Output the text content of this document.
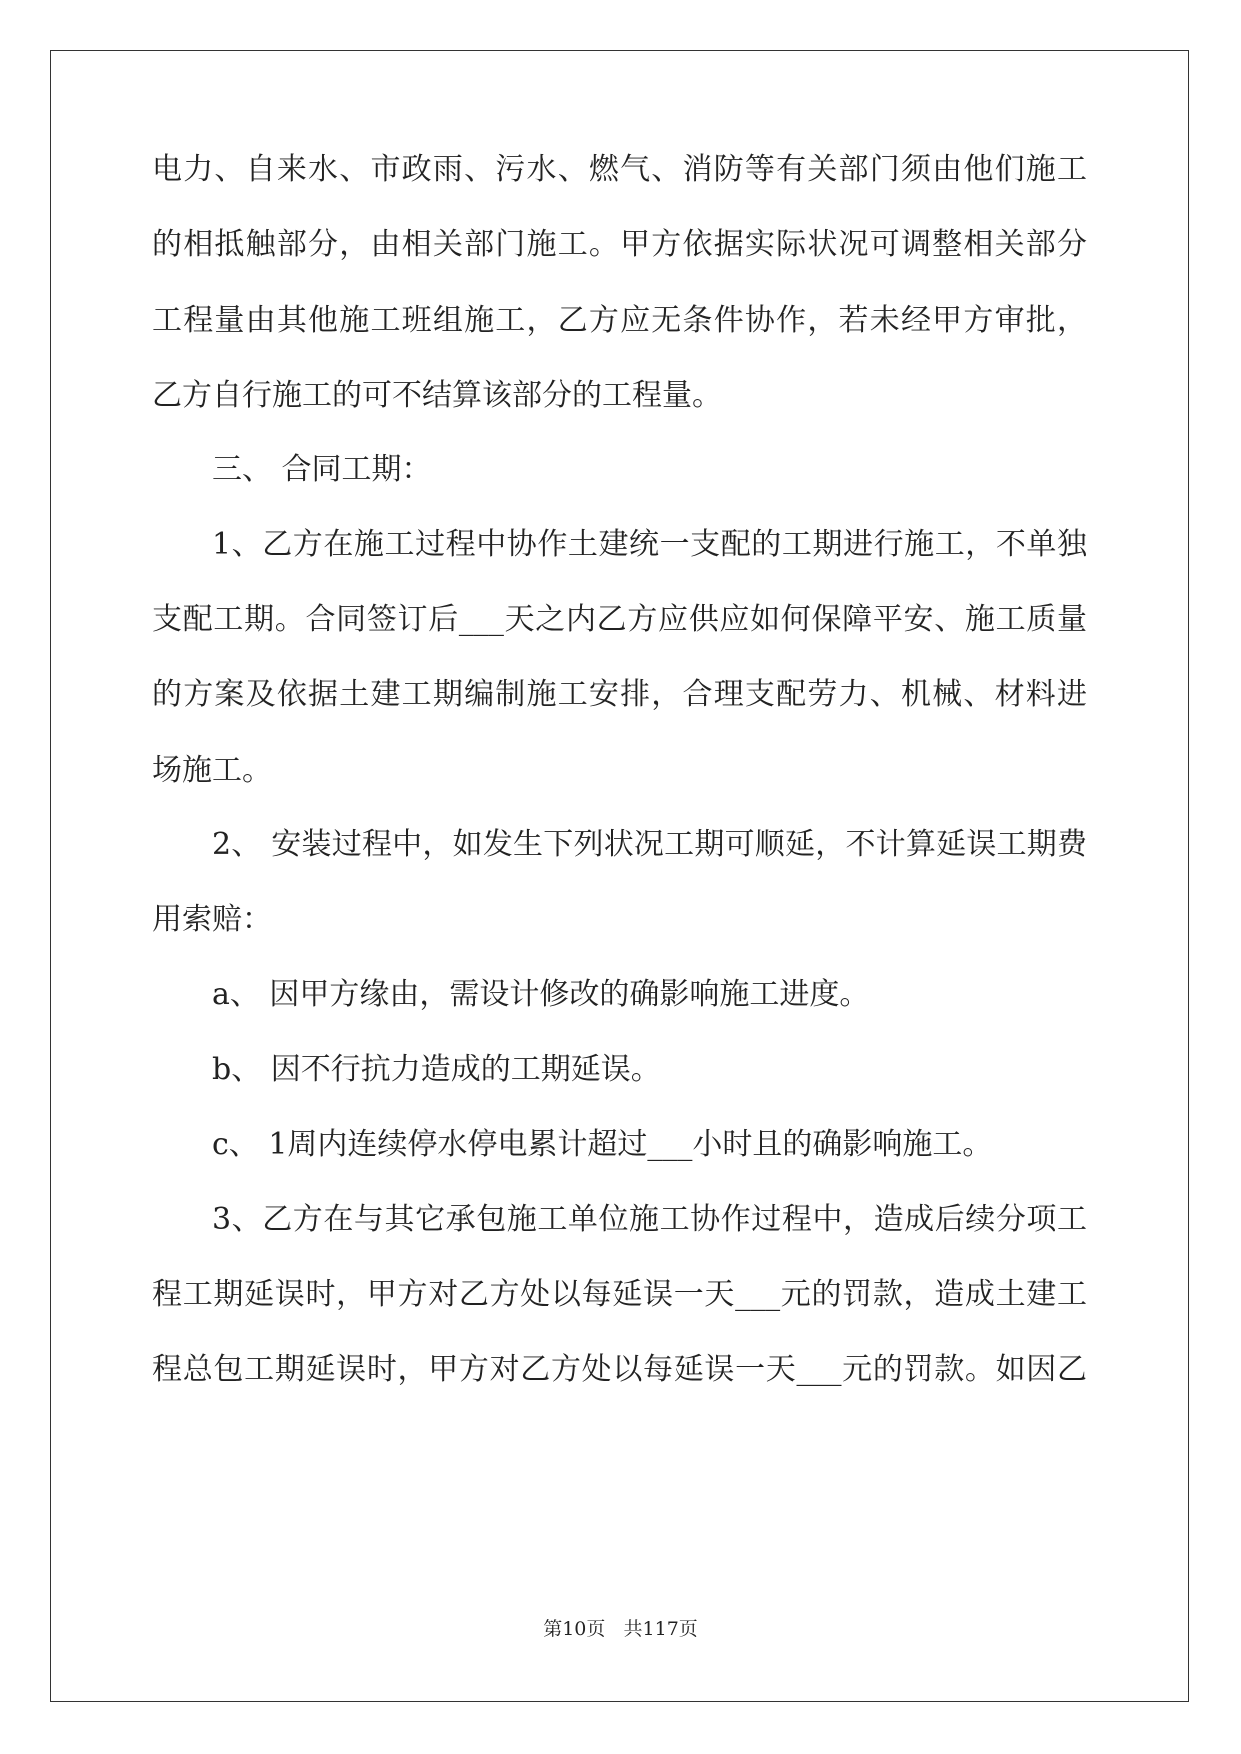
电力、自来水、市政雨、污水、燃气、消防等有关部门须由他们施工
的相抵触部分，由相关部门施工。甲方依据实际状况可调整相关部分
工程量由其他施工班组施工，乙方应无条件协作，若未经甲方审批，
乙方自行施工的可不结算该部分的工程量。
三、 合同工期：
1、乙方在施工过程中协作土建统一支配的工期进行施工，不单独
支配工期。合同签订后___天之内乙方应供应如何保障平安、施工质量
的方案及依据土建工期编制施工安排，合理支配劳力、机械、材料进
场施工。
2、 安装过程中，如发生下列状况工期可顺延，不计算延误工期费
用索赔：
a、 因甲方缘由，需设计修改的确影响施工进度。
b、 因不行抗力造成的工期延误。
c、 1周内连续停水停电累计超过___小时且的确影响施工。
3、乙方在与其它承包施工单位施工协作过程中，造成后续分项工
程工期延误时，甲方对乙方处以每延误一天___元的罚款，造成土建工
程总包工期延误时，甲方对乙方处以每延误一天___元的罚款。如因乙
第10页   共117页
